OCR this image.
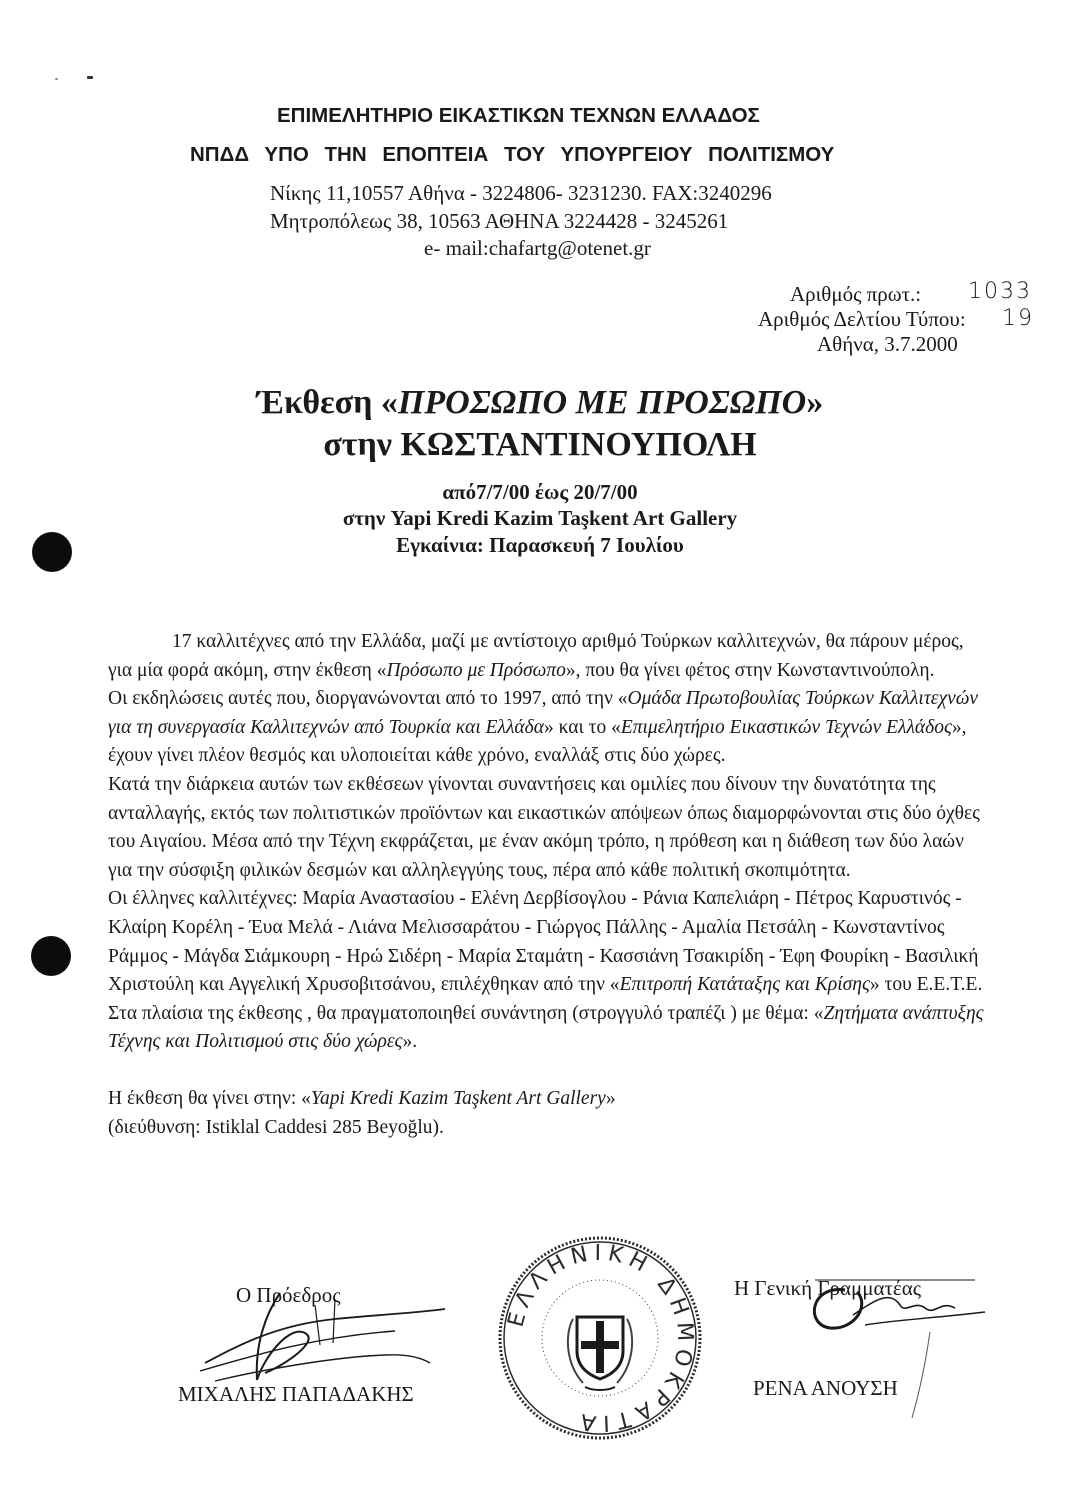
ΕΠΙΜΕΛΗΤΗΡΙΟ ΕΙΚΑΣΤΙΚΩΝ ΤΕΧΝΩΝ ΕΛΛΑΔΟΣ
ΝΠΔΔ ΥΠΟ ΤΗΝ ΕΠΟΠΤΕΙΑ ΤΟΥ ΥΠΟΥΡΓΕΙΟΥ ΠΟΛΙΤΙΣΜΟΥ
Νίκης 11,10557 Αθήνα - 3224806- 3231230. FAX:3240296
Μητροπόλεως 38, 10563 ΑΘΗΝΑ 3224428 - 3245261
e- mail:chafartg@otenet.gr
Αριθμός πρωτ.: 1033
Αριθμός Δελτίου Τύπου: 19
Αθήνα, 3.7.2000
Έκθεση «ΠΡΟΣΩΠΟ ΜΕ ΠΡΟΣΩΠΟ»
στην ΚΩΣΤΑΝΤΙΝΟΥΠΟΛΗ
από7/7/00 έως 20/7/00
στην Yapi Kredi Kazim Taşkent Art Gallery
Εγκαίνια: Παρασκευή 7 Ιουλίου

17 καλλιτέχνες από την Ελλάδα, μαζί με αντίστοιχο αριθμό Τούρκων καλλιτεχνών, θα πάρουν μέρος, για μία φορά ακόμη, στην έκθεση «Πρόσωπο με Πρόσωπο», που θα γίνει φέτος στην Κωνσταντινούπολη.

Οι εκδηλώσεις αυτές που, διοργανώνονται από το 1997, από την «Ομάδα Πρωτοβουλίας Τούρκων Καλλιτεχνών για τη συνεργασία Καλλιτεχνών από Τουρκία και Ελλάδα» και το «Επιμελητήριο Εικαστικών Τεχνών Ελλάδος», έχουν γίνει πλέον θεσμός και υλοποιείται κάθε χρόνο, εναλλάξ στις δύο χώρες.

Κατά την διάρκεια αυτών των εκθέσεων γίνονται συναντήσεις και ομιλίες που δίνουν την δυνατότητα της ανταλλαγής, εκτός των πολιτιστικών προϊόντων και εικαστικών απόψεων όπως διαμορφώνονται στις δύο όχθες του Αιγαίου. Μέσα από την Τέχνη εκφράζεται, με έναν ακόμη τρόπο, η πρόθεση και η διάθεση των δύο λαών για την σύσφιξη φιλικών δεσμών και αλληλεγγύης τους, πέρα από κάθε πολιτική σκοπιμότητα.

Οι έλληνες καλλιτέχνες: Μαρία Αναστασίου - Ελένη Δερβίσογλου - Ράνια Καπελιάρη - Πέτρος Καρυστινός - Κλαίρη Κορέλη - Έυα Μελά - Λιάνα Μελισσαράτου - Γιώργος Πάλλης - Αμαλία Πετσάλη - Κωνσταντίνος Ράμμος - Μάγδα Σιάμκουρη - Ηρώ Σιδέρη - Μαρία Σταμάτη - Κασσιάνη Τσακιρίδη - Έφη Φουρίκη - Βασιλική Χριστούλη και Αγγελική Χρυσοβιτσάνου, επιλέχθηκαν από την «Επιτροπή Κατάταξης και Κρίσης» του Ε.Ε.Τ.Ε.

Στα πλαίσια της έκθεσης , θα πραγματοποιηθεί συνάντηση (στρογγυλό τραπέζι ) με θέμα: «Ζητήματα ανάπτυξης Τέχνης και Πολιτισμού στις δύο χώρες».

Η έκθεση θα γίνει στην: «Yapi Kredi Kazim Taşkent Art Gallery»

(διεύθυνση: Istiklal Caddesi 285 Beyoğlu).

Ο Πρόεδρος
ΜΙΧΑΛΗΣ ΠΑΠΑΔΑΚΗΣ
ΕΛΛΗΝΙΚΗ ΔΗΜΟΚΡΑΤΙΑ
Η Γενική Γραμματέας
ΡΕΝΑ ΑΝΟΥΣΗ
